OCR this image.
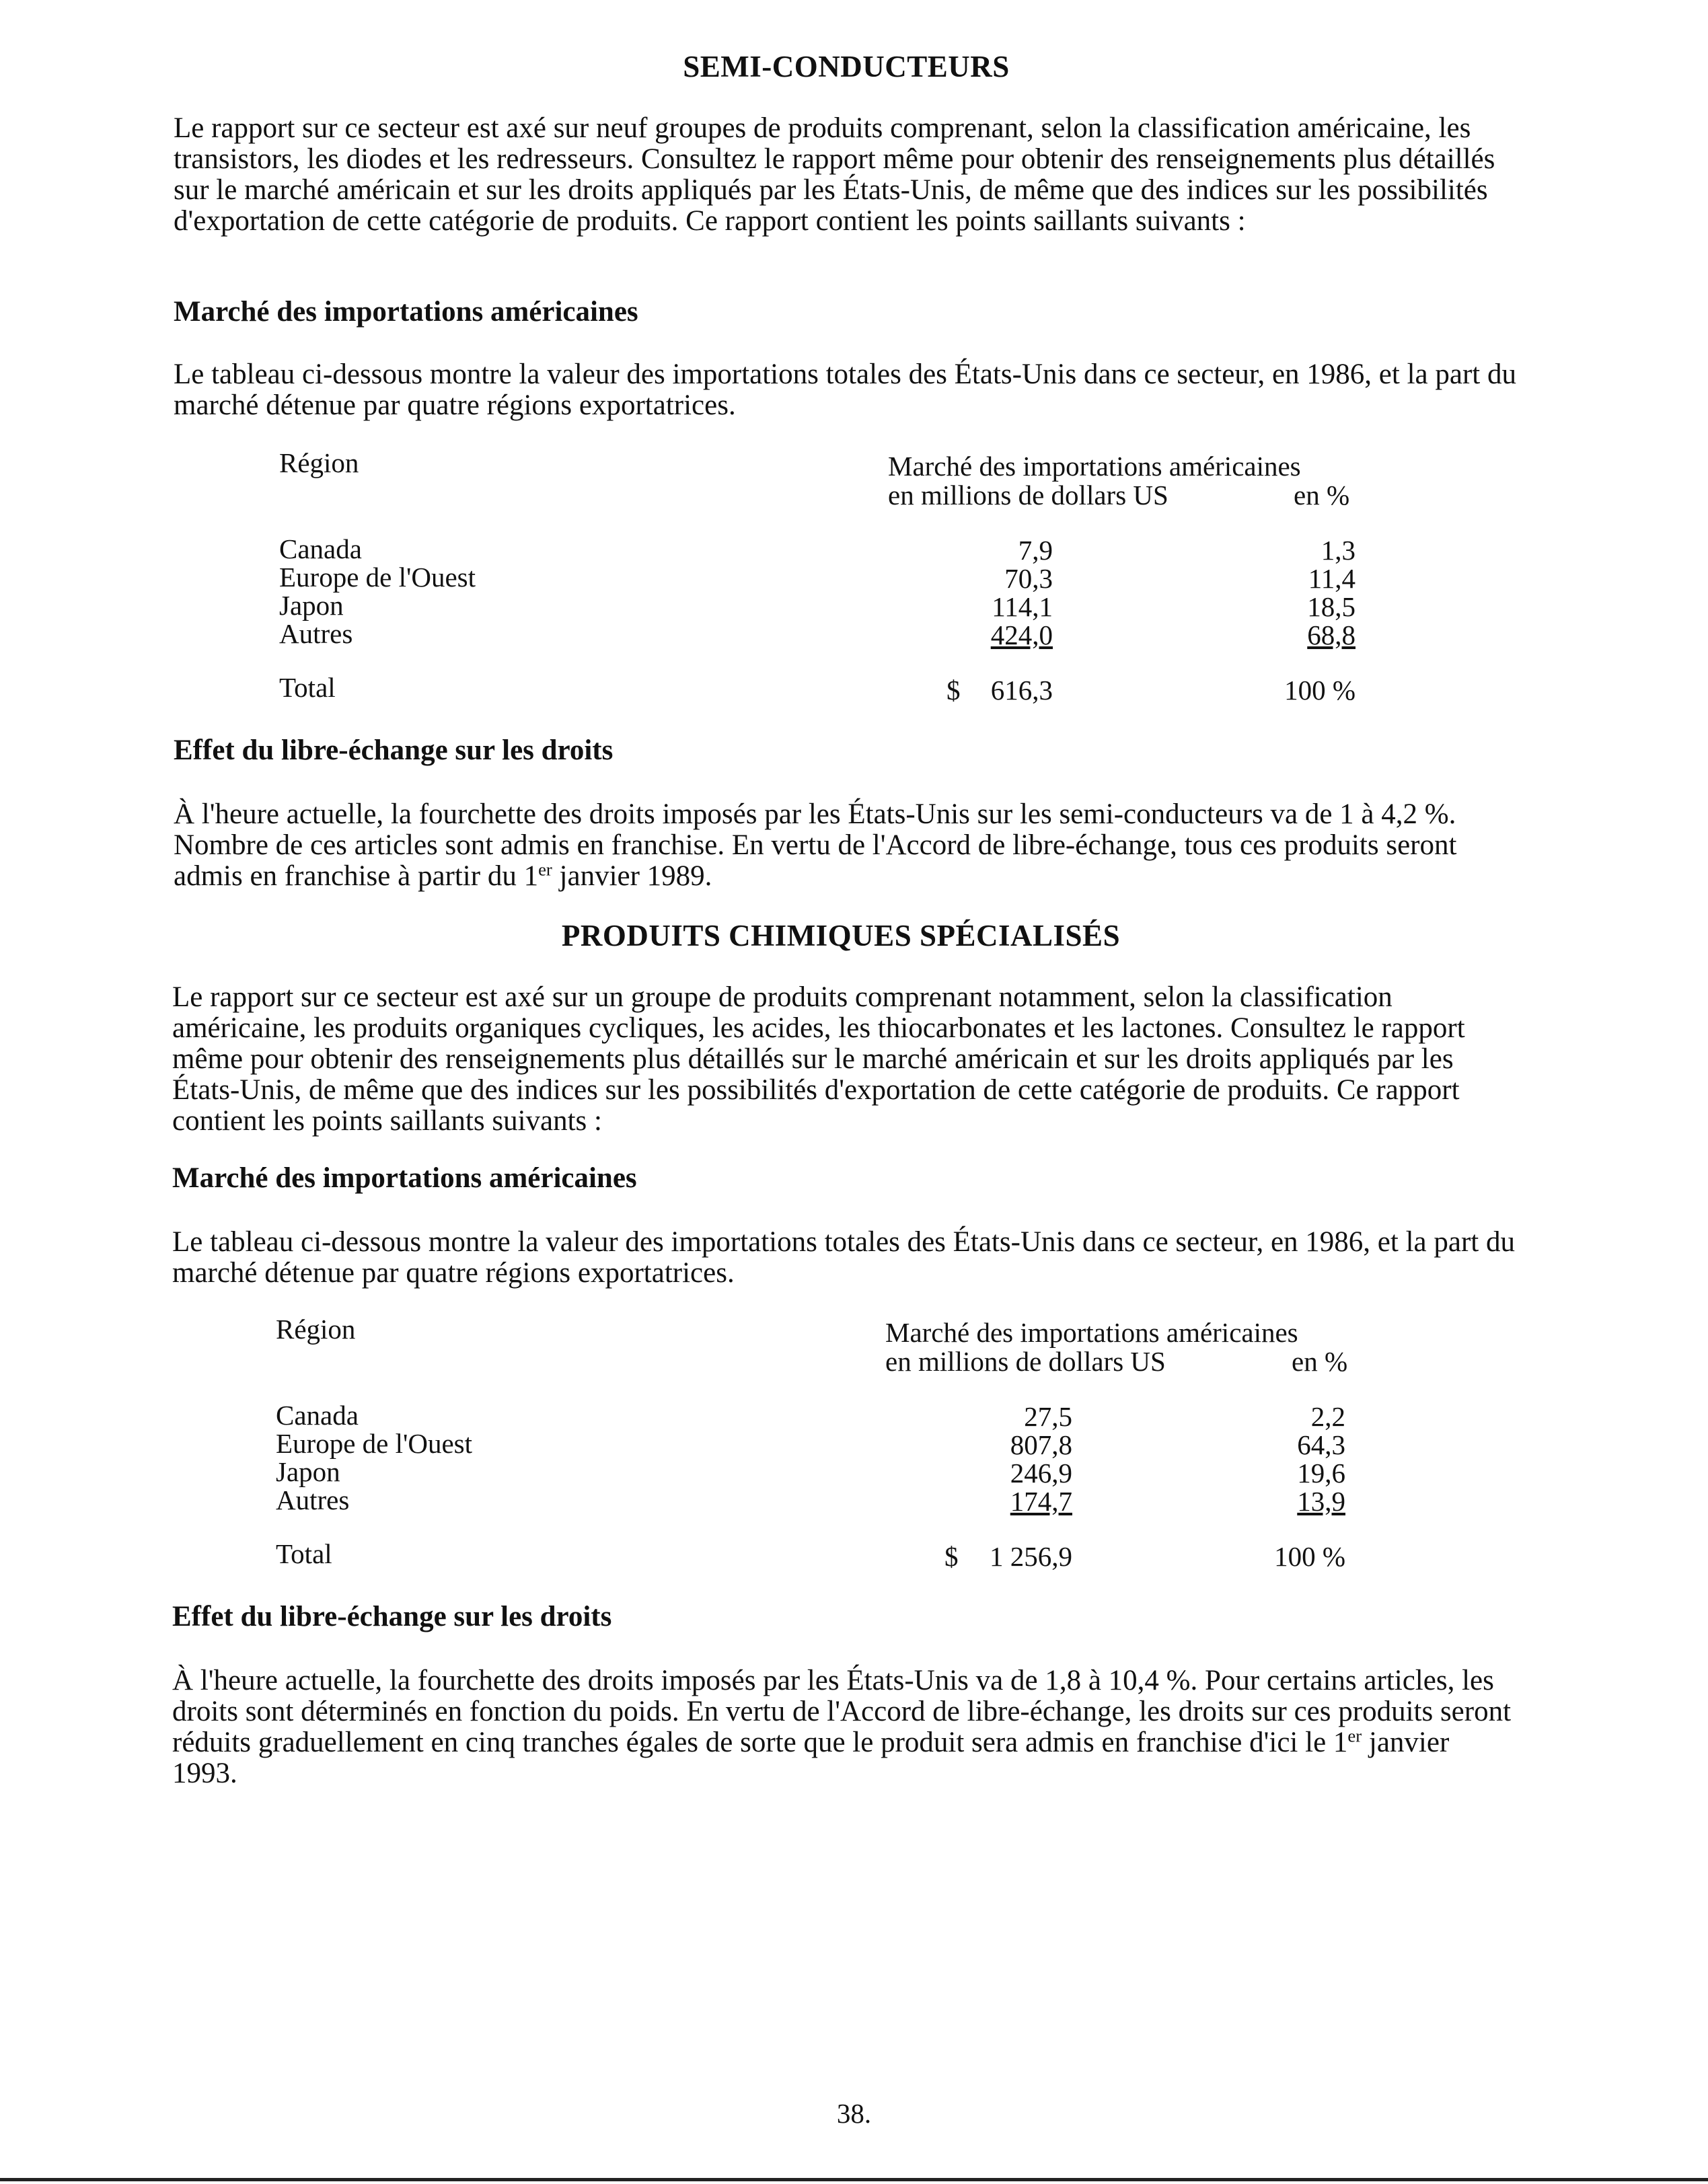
SEMI-CONDUCTEURS

Le rapport sur ce secteur est axé sur neuf groupes de produits comprenant, selon la classification américaine, les transistors, les diodes et les redresseurs. Consultez le rapport même pour obtenir des renseignements plus détaillés sur le marché américain et sur les droits appliqués par les États-Unis, de même que des indices sur les possibilités d'exportation de cette catégorie de produits. Ce rapport contient les points saillants suivants :

Marché des importations américaines

Le tableau ci-dessous montre la valeur des importations totales des États-Unis dans ce secteur, en 1986, et la part du marché détenue par quatre régions exportatrices.

Région	Marché des importations américaines
en millions de dollars US	en %
Canada	7,9	1,3
Europe de l'Ouest	70,3	11,4
Japon	114,1	18,5
Autres	424,0	68,8
Total	$ 616,3	100 %
Effet du libre-échange sur les droits

À l'heure actuelle, la fourchette des droits imposés par les États-Unis sur les semi-conducteurs va de 1 à 4,2 %. Nombre de ces articles sont admis en franchise. En vertu de l'Accord de libre-échange, tous ces produits seront admis en franchise à partir du 1er janvier 1989.

PRODUITS CHIMIQUES SPÉCIALISÉS

Le rapport sur ce secteur est axé sur un groupe de produits comprenant notamment, selon la classification américaine, les produits organiques cycliques, les acides, les thiocarbonates et les lactones. Consultez le rapport même pour obtenir des renseignements plus détaillés sur le marché américain et sur les droits appliqués par les États-Unis, de même que des indices sur les possibilités d'exportation de cette catégorie de produits. Ce rapport contient les points saillants suivants :

Marché des importations américaines

Le tableau ci-dessous montre la valeur des importations totales des États-Unis dans ce secteur, en 1986, et la part du marché détenue par quatre régions exportatrices.

Région	Marché des importations américaines
en millions de dollars US	en %
Canada	27,5	2,2
Europe de l'Ouest	807,8	64,3
Japon	246,9	19,6
Autres	174,7	13,9
Total	$ 1 256,9	100 %
Effet du libre-échange sur les droits

À l'heure actuelle, la fourchette des droits imposés par les États-Unis va de 1,8 à 10,4 %. Pour certains articles, les droits sont déterminés en fonction du poids. En vertu de l'Accord de libre-échange, les droits sur ces produits seront réduits graduellement en cinq tranches égales de sorte que le produit sera admis en franchise d'ici le 1er janvier 1993.

38.
